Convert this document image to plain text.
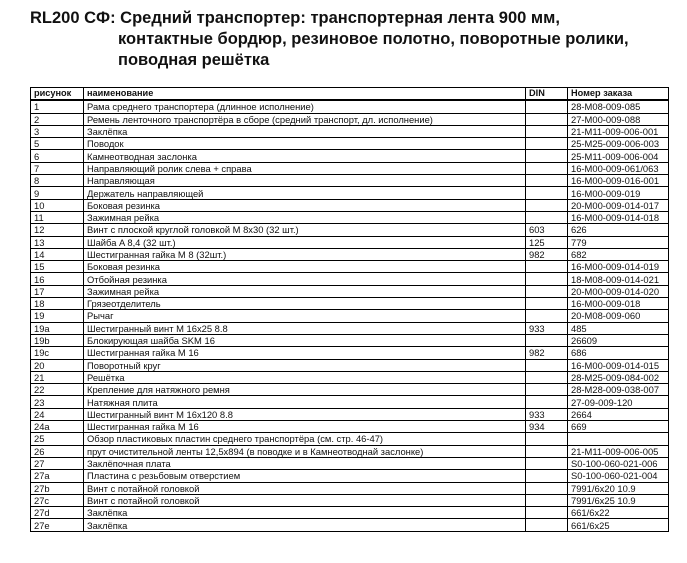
RL200 СФ: Средний транспортер: транспортерная лента 900 мм,
контактные бордюр, резиновое полотно, поворотные ролики,
поводная решётка
рисунок	наименование	DIN	Номер заказа
1	Рама среднего транспортера (длинное исполнение)		28-M08-009-085
2	Ремень ленточного транспортёра в сборе (средний транспорт, дл. исполнение)		27-M00-009-088
3	Заклёпка		21-M11-009-006-001
5	Поводок		25-M25-009-006-003
6	Камнеотводная заслонка		25-M11-009-006-004
7	Направляющий ролик слева + справа		16-M00-009-061/063
8	Направляющая		16-M00-009-016-001
9	Держатель направляющей		16-M00-009-019
10	Боковая резинка		20-M00-009-014-017
11	Зажимная рейка		16-M00-009-014-018
12	Винт с плоской круглой головкой M 8x30 (32 шт.)	603	626
13	Шайба A 8,4 (32 шт.)	125	779
14	Шестигранная гайка M 8 (32шт.)	982	682
15	Боковая резинка		16-M00-009-014-019
16	Отбойная резинка		18-M08-009-014-021
17	Зажимная рейка		20-M00-009-014-020
18	Грязеотделитель		16-M00-009-018
19	Рычаг		20-M08-009-060
19a	Шестигранный винт M 16x25 8.8	933	485
19b	Блокирующая шайба SKM 16		26609
19c	Шестигранная гайка M 16	982	686
20	Поворотный круг		16-M00-009-014-015
21	Решётка		28-M25-009-084-002
22	Крепление для натяжного ремня		28-M28-009-038-007
23	Натяжная плита		27-09-009-120
24	Шестигранный винт M 16x120 8.8	933	2664
24a	Шестигранная гайка M 16	934	669
25	Обзор пластиковых пластин среднего транспортёра (см. стр. 46-47)		
26	прут очистительной ленты 12,5x894 (в поводке и в Камнеотводнай заслонке)		21-M11-009-006-005
27	Заклёпочная плата		S0-100-060-021-006
27a	Пластина с резьбовым отверстием		S0-100-060-021-004
27b	Винт с потайной головкой		7991/6x20 10.9
27c	Винт с потайной головкой		7991/6x25 10.9
27d	Заклёпка		661/6x22
27e	Заклёпка		661/6x25
